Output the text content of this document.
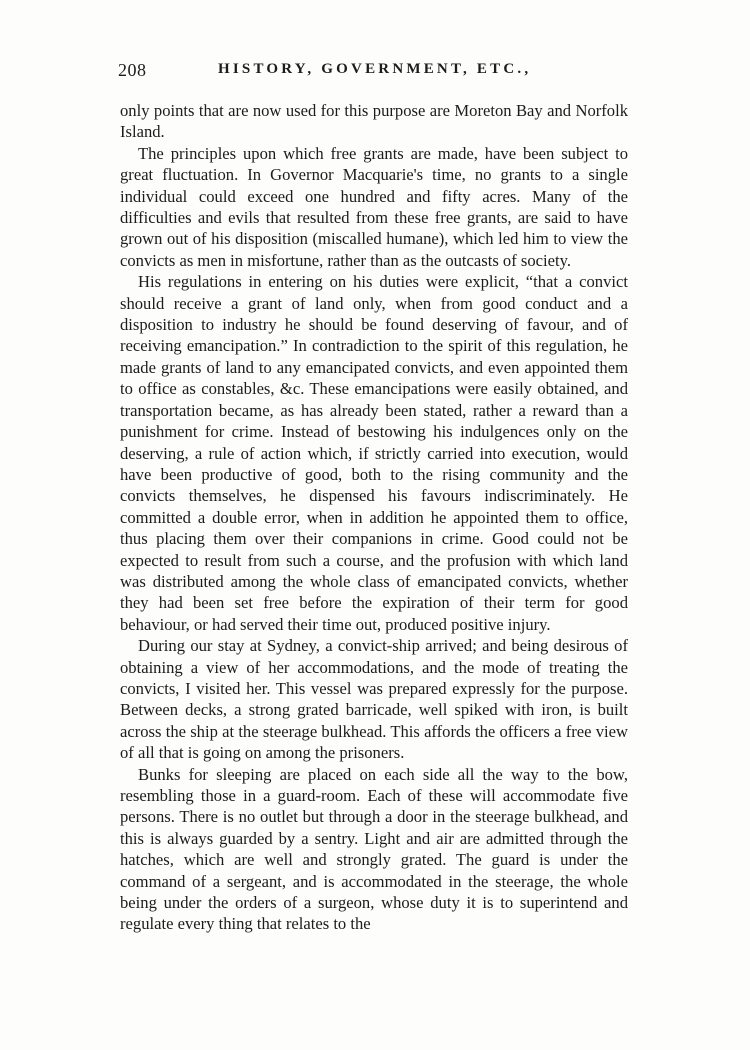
208	HISTORY, GOVERNMENT, ETC.,

only points that are now used for this purpose are Moreton Bay and Norfolk Island.

The principles upon which free grants are made, have been subject to great fluctuation. In Governor Macquarie's time, no grants to a single individual could exceed one hundred and fifty acres. Many of the difficulties and evils that resulted from these free grants, are said to have grown out of his disposition (miscalled humane), which led him to view the convicts as men in misfortune, rather than as the outcasts of society.

His regulations in entering on his duties were explicit, “that a convict should receive a grant of land only, when from good conduct and a disposition to industry he should be found deserving of favour, and of receiving emancipation.” In contradiction to the spirit of this regulation, he made grants of land to any emancipated convicts, and even appointed them to office as constables, &c. These emancipations were easily obtained, and transportation became, as has already been stated, rather a reward than a punishment for crime. Instead of bestowing his indulgences only on the deserving, a rule of action which, if strictly carried into execution, would have been productive of good, both to the rising community and the convicts themselves, he dispensed his favours indiscriminately. He committed a double error, when in addition he appointed them to office, thus placing them over their companions in crime. Good could not be expected to result from such a course, and the profusion with which land was distributed among the whole class of emancipated convicts, whether they had been set free before the expiration of their term for good behaviour, or had served their time out, produced positive injury.

During our stay at Sydney, a convict-ship arrived; and being desirous of obtaining a view of her accommodations, and the mode of treating the convicts, I visited her. This vessel was prepared expressly for the purpose. Between decks, a strong grated barricade, well spiked with iron, is built across the ship at the steerage bulkhead. This affords the officers a free view of all that is going on among the prisoners.

Bunks for sleeping are placed on each side all the way to the bow, resembling those in a guard-room. Each of these will accommodate five persons. There is no outlet but through a door in the steerage bulkhead, and this is always guarded by a sentry. Light and air are admitted through the hatches, which are well and strongly grated. The guard is under the command of a sergeant, and is accommodated in the steerage, the whole being under the orders of a surgeon, whose duty it is to superintend and regulate every thing that relates to the
